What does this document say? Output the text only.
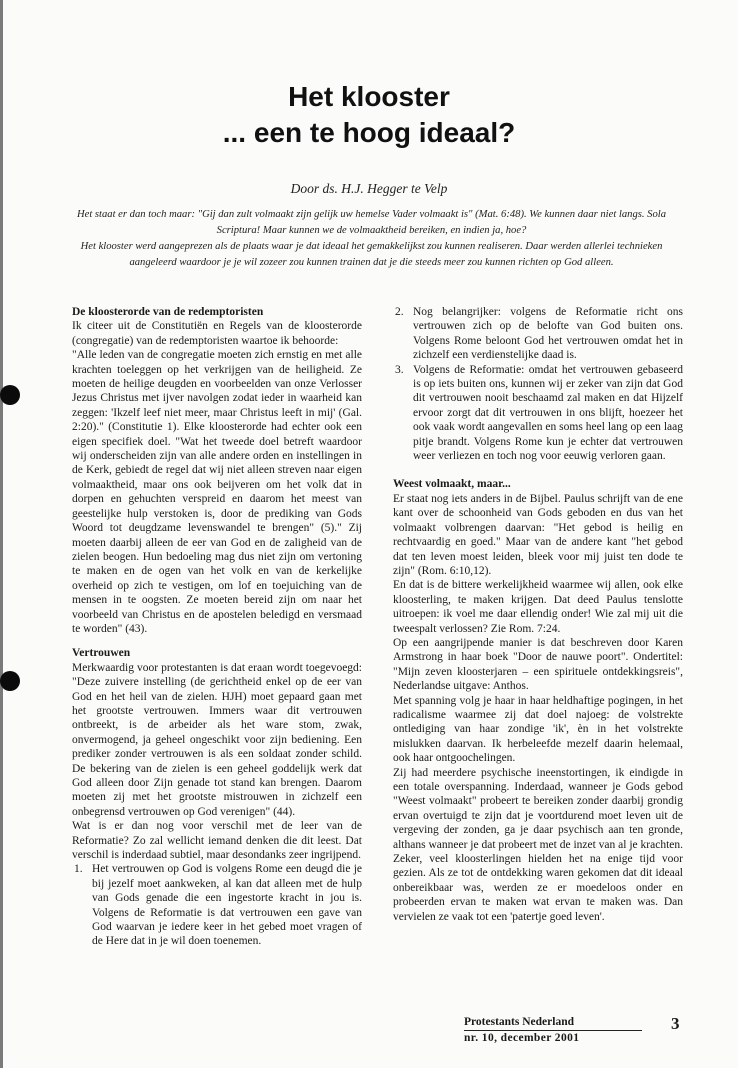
Het klooster
... een te hoog ideaal?
Door ds. H.J. Hegger te Velp

Het staat er dan toch maar: "Gij dan zult volmaakt zijn gelijk uw hemelse Vader volmaakt is" (Mat. 6:48). We kunnen daar niet langs. Sola Scriptura! Maar kunnen we de volmaaktheid bereiken, en indien ja, hoe?

Het klooster werd aangeprezen als de plaats waar je dat ideaal het gemakkelijkst zou kunnen realiseren. Daar werden allerlei technieken aangeleerd waardoor je je wil zozeer zou kunnen trainen dat je die steeds meer zou kunnen richten op God alleen.

De kloosterorde van de redemptoristen

Ik citeer uit de Constitutiën en Regels van de kloosterorde (congregatie) van de redemptoristen waartoe ik behoorde:

"Alle leden van de congregatie moeten zich ernstig en met alle krachten toeleggen op het verkrijgen van de heiligheid. Ze moeten de heilige deugden en voorbeelden van onze Verlosser Jezus Christus met ijver navolgen zodat ieder in waarheid kan zeggen: 'Ikzelf leef niet meer, maar Christus leeft in mij' (Gal. 2:20)." (Constitutie 1). Elke kloosterorde had echter ook een eigen specifiek doel. "Wat het tweede doel betreft waardoor wij onderscheiden zijn van alle andere orden en instellingen in de Kerk, gebiedt de regel dat wij niet alleen streven naar eigen volmaaktheid, maar ons ook beijveren om het volk dat in dorpen en gehuchten verspreid en daarom het meest van geestelijke hulp verstoken is, door de prediking van Gods Woord tot deugdzame levenswandel te brengen" (5)." Zij moeten daarbij alleen de eer van God en de zaligheid van de zielen beogen. Hun bedoeling mag dus niet zijn om vertoning te maken en de ogen van het volk en van de kerkelijke overheid op zich te vestigen, om lof en toejuiching van de mensen in te oogsten. Ze moeten bereid zijn om naar het voorbeeld van Christus en de apostelen beledigd en versmaad te worden" (43).

Vertrouwen

Merkwaardig voor protestanten is dat eraan wordt toegevoegd: "Deze zuivere instelling (de gerichtheid enkel op de eer van God en het heil van de zielen. HJH) moet gepaard gaan met het grootste vertrouwen. Immers waar dit vertrouwen ontbreekt, is de arbeider als het ware stom, zwak, onvermogend, ja geheel ongeschikt voor zijn bediening. Een prediker zonder vertrouwen is als een soldaat zonder schild. De bekering van de zielen is een geheel goddelijk werk dat God alleen door Zijn genade tot stand kan brengen. Daarom moeten zij met het grootste mistrouwen in zichzelf een onbegrensd vertrouwen op God verenigen" (44).

Wat is er dan nog voor verschil met de leer van de Reformatie? Zo zal wellicht iemand denken die dit leest. Dat verschil is inderdaad subtiel, maar desondanks zeer ingrijpend.

1. Het vertrouwen op God is volgens Rome een deugd die je bij jezelf moet aankweken, al kan dat alleen met de hulp van Gods genade die een ingestorte kracht in jou is. Volgens de Reformatie is dat vertrouwen een gave van God waarvan je iedere keer in het gebed moet vragen of de Here dat in je wil doen toenemen.
2. Nog belangrijker: volgens de Reformatie richt ons vertrouwen zich op de belofte van God buiten ons. Volgens Rome beloont God het vertrouwen omdat het in zichzelf een verdienstelijke daad is.
3. Volgens de Reformatie: omdat het vertrouwen gebaseerd is op iets buiten ons, kunnen wij er zeker van zijn dat God dit vertrouwen nooit beschaamd zal maken en dat Hijzelf ervoor zorgt dat dit vertrouwen in ons blijft, hoezeer het ook vaak wordt aangevallen en soms heel lang op een laag pitje brandt. Volgens Rome kun je echter dat vertrouwen weer verliezen en toch nog voor eeuwig verloren gaan.
Weest volmaakt, maar...

Er staat nog iets anders in de Bijbel. Paulus schrijft van de ene kant over de schoonheid van Gods geboden en dus van het volmaakt volbrengen daarvan: "Het gebod is heilig en rechtvaardig en goed." Maar van de andere kant "het gebod dat ten leven moest leiden, bleek voor mij juist ten dode te zijn" (Rom. 6:10,12).

En dat is de bittere werkelijkheid waarmee wij allen, ook elke kloosterling, te maken krijgen. Dat deed Paulus tenslotte uitroepen: ik voel me daar ellendig onder! Wie zal mij uit die tweespalt verlossen? Zie Rom. 7:24.

Op een aangrijpende manier is dat beschreven door Karen Armstrong in haar boek "Door de nauwe poort". Ondertitel: "Mijn zeven kloosterjaren – een spirituele ontdekkingsreis", Nederlandse uitgave: Anthos.

Met spanning volg je haar in haar heldhaftige pogingen, in het radicalisme waarmee zij dat doel najoeg: de volstrekte ontlediging van haar zondige 'ik', èn in het volstrekte mislukken daarvan. Ik herbeleefde mezelf daarin helemaal, ook haar ontgoochelingen.

Zij had meerdere psychische ineenstortingen, ik eindigde in een totale overspanning. Inderdaad, wanneer je Gods gebod "Weest volmaakt" probeert te bereiken zonder daarbij grondig ervan overtuigd te zijn dat je voortdurend moet leven uit de vergeving der zonden, ga je daar psychisch aan ten gronde, althans wanneer je dat probeert met de inzet van al je krachten. Zeker, veel kloosterlingen hielden het na enige tijd voor gezien. Als ze tot de ontdekking waren gekomen dat dit ideaal onbereikbaar was, werden ze er moedeloos onder en probeerden ervan te maken wat ervan te maken was. Dan vervielen ze vaak tot een 'patertje goed leven'.

Protestants Nederland
nr. 10, december 2001
3
